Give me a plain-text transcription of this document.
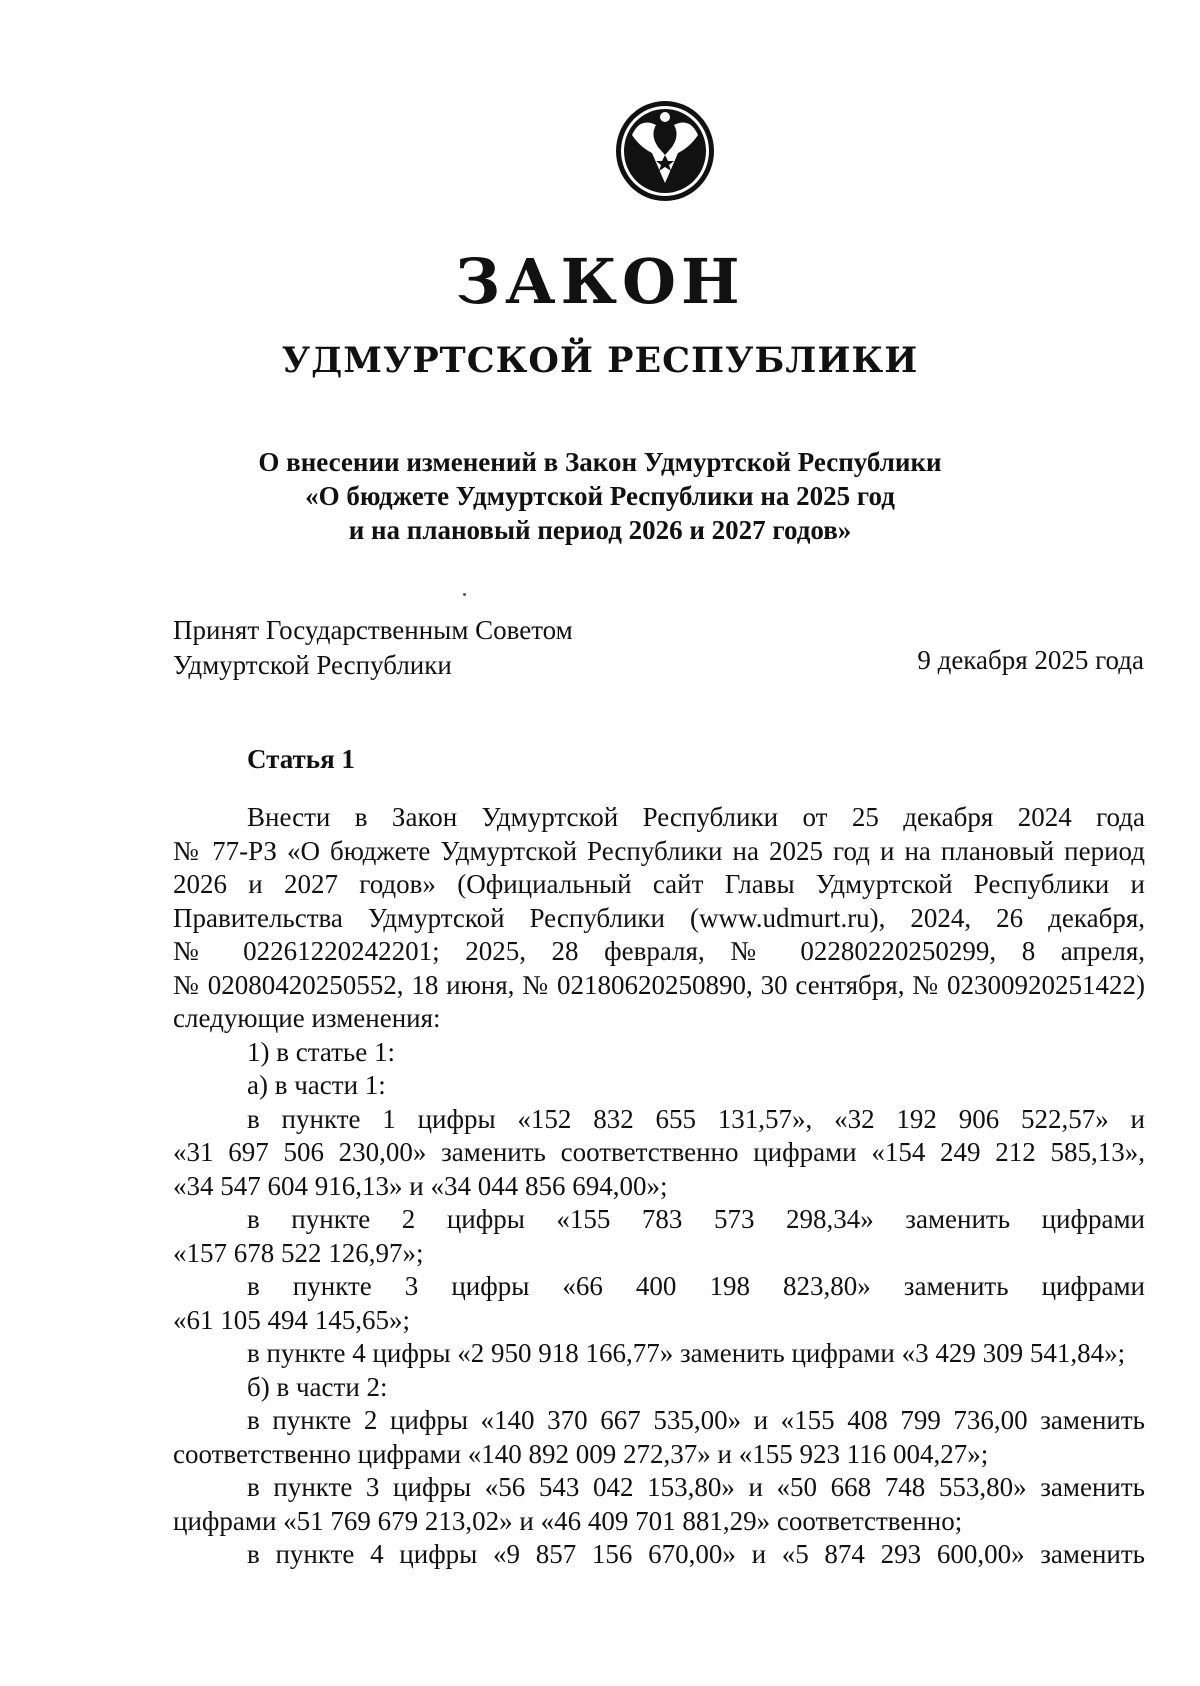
ЗАКОН
УДМУРТСКОЙ РЕСПУБЛИКИ
О внесении изменений в Закон Удмуртской Республики
«О бюджете Удмуртской Республики на 2025 год
и на плановый период 2026 и 2027 годов»
Принят Государственным Советом
Удмуртской Республики	9 декабря 2025 года
Статья 1
Внести в Закон Удмуртской Республики от 25 декабря 2024 года
№ 77-РЗ «О бюджете Удмуртской Республики на 2025 год и на плановый период
2026 и 2027 годов» (Официальный сайт Главы Удмуртской Республики и
Правительства Удмуртской Республики (www.udmurt.ru), 2024, 26 декабря,
№ 02261220242201; 2025, 28 февраля, № 02280220250299, 8 апреля,
№ 02080420250552, 18 июня, № 02180620250890, 30 сентября, № 02300920251422)
следующие изменения:
1) в статье 1:
а) в части 1:
в пункте 1 цифры «152 832 655 131,57», «32 192 906 522,57» и
«31 697 506 230,00» заменить соответственно цифрами «154 249 212 585,13»,
«34 547 604 916,13» и «34 044 856 694,00»;
в пункте 2 цифры «155 783 573 298,34» заменить цифрами
«157 678 522 126,97»;
в пункте 3 цифры «66 400 198 823,80» заменить цифрами
«61 105 494 145,65»;
в пункте 4 цифры «2 950 918 166,77» заменить цифрами «3 429 309 541,84»;
б) в части 2:
в пункте 2 цифры «140 370 667 535,00» и «155 408 799 736,00 заменить
соответственно цифрами «140 892 009 272,37» и «155 923 116 004,27»;
в пункте 3 цифры «56 543 042 153,80» и «50 668 748 553,80» заменить
цифрами «51 769 679 213,02» и «46 409 701 881,29» соответственно;
в пункте 4 цифры «9 857 156 670,00» и «5 874 293 600,00» заменить
